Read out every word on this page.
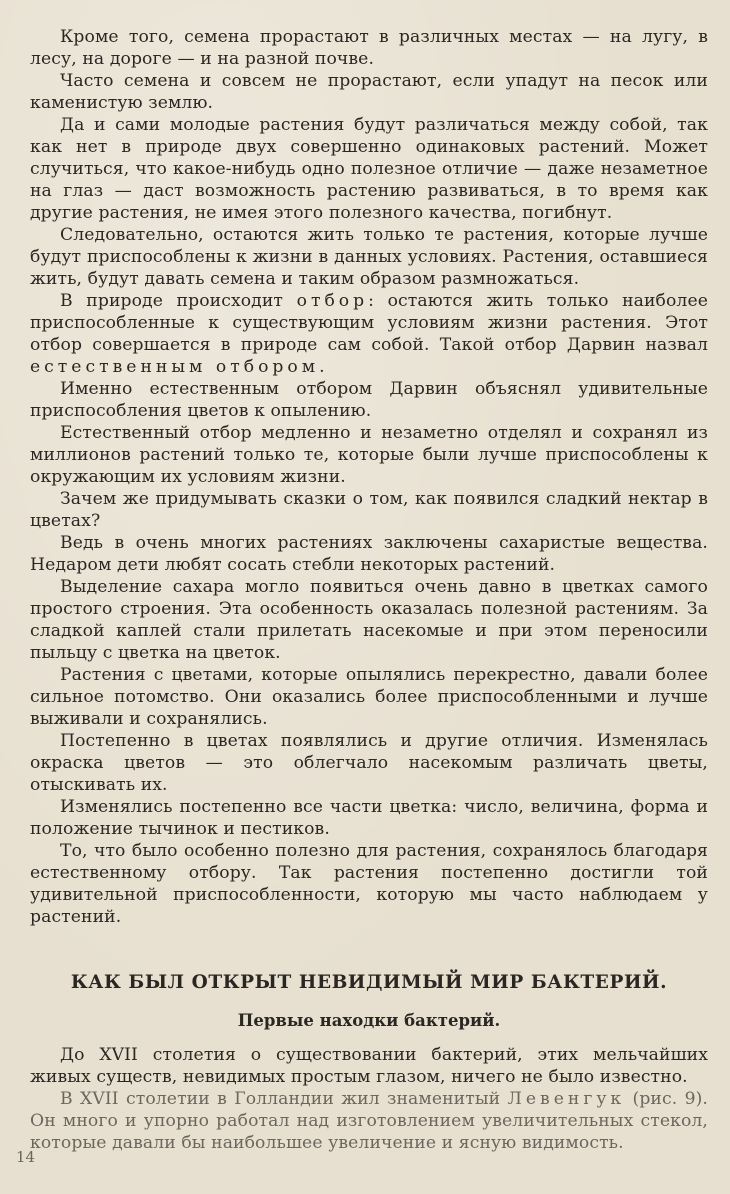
Кроме того, семена прорастают в различных местах — на лугу, в лесу, на дороге — и на разной почве.

Часто семена и совсем не прорастают, если упадут на песок или каменистую землю.

Да и сами молодые растения будут различаться между собой, так как нет в природе двух совершенно одинаковых растений. Может случиться, что какое-нибудь одно полезное отличие — даже незаметное на глаз — даст возможность растению развиваться, в то время как другие растения, не имея этого полезного качества, погибнут.

Следовательно, остаются жить только те растения, которые лучше будут приспособлены к жизни в данных условиях. Растения, оставшиеся жить, будут давать семена и таким образом размножаться.

В природе происходит отбор: остаются жить только наиболее приспособленные к существующим условиям жизни растения. Этот отбор совершается в природе сам собой. Такой отбор Дарвин назвал естественным отбором.

Именно естественным отбором Дарвин объяснял удивительные приспособления цветов к опылению.

Естественный отбор медленно и незаметно отделял и сохранял из миллионов растений только те, которые были лучше приспособлены к окружающим их условиям жизни.

Зачем же придумывать сказки о том, как появился сладкий нектар в цветах?

Ведь в очень многих растениях заключены сахаристые вещества. Недаром дети любят сосать стебли некоторых растений.

Выделение сахара могло появиться очень давно в цветках самого простого строения. Эта особенность оказалась полезной растениям. За сладкой каплей стали прилетать насекомые и при этом переносили пыльцу с цветка на цветок.

Растения с цветами, которые опылялись перекрестно, давали более сильное потомство. Они оказались более приспособленными и лучше выживали и сохранялись.

Постепенно в цветах появлялись и другие отличия. Изменялась окраска цветов — это облегчало насекомым различать цветы, отыскивать их.

Изменялись постепенно все части цветка: число, величина, форма и положение тычинок и пестиков.

То, что было особенно полезно для растения, сохранялось благодаря естественному отбору. Так растения постепенно достигли той удивительной приспособленности, которую мы часто наблюдаем у растений.

КАК БЫЛ ОТКРЫТ НЕВИДИМЫЙ МИР БАКТЕРИЙ.
Первые находки бактерий.

До XVII столетия о существовании бактерий, этих мельчайших живых существ, невидимых простым глазом, ничего не было известно.

В XVII столетии в Голландии жил знаменитый Левенгук (рис. 9). Он много и упорно работал над изготовлением увеличительных стекол, которые давали бы наибольшее увеличение и ясную видимость.

14
